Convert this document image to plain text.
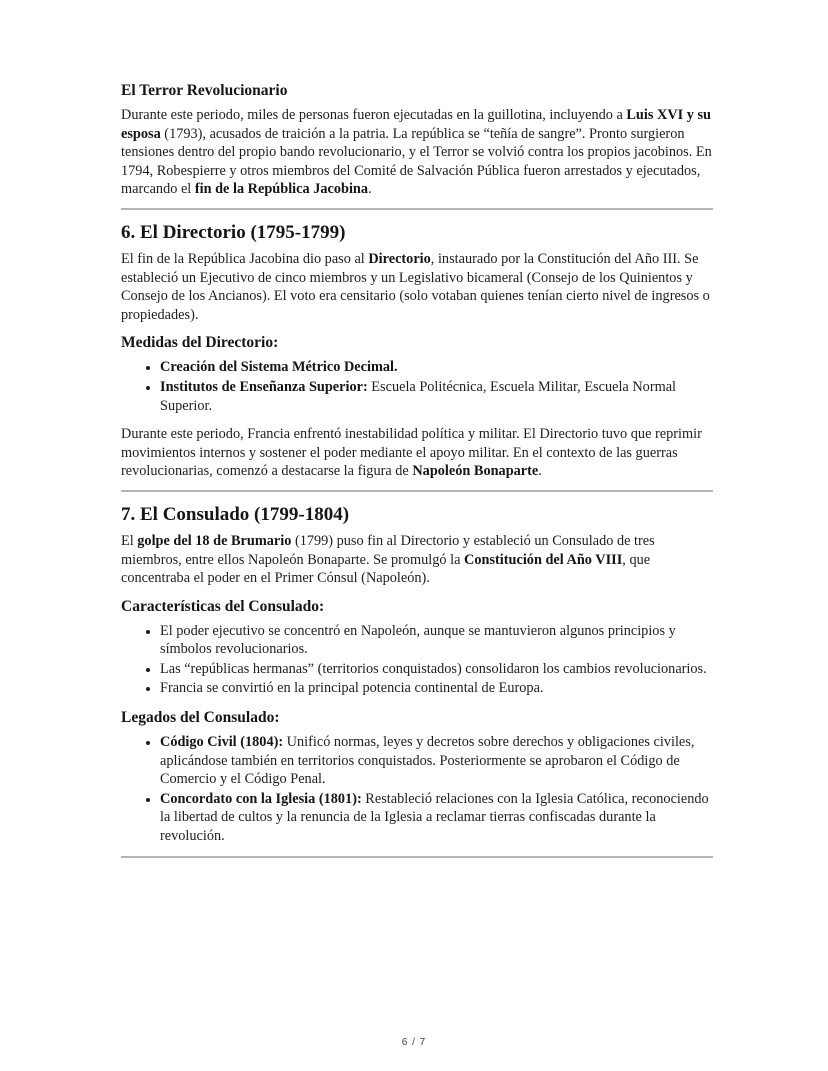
El Terror Revolucionario

Durante este periodo, miles de personas fueron ejecutadas en la guillotina, incluyendo a Luis XVI y su esposa (1793), acusados de traición a la patria. La república se “teñía de sangre”. Pronto surgieron tensiones dentro del propio bando revolucionario, y el Terror se volvió contra los propios jacobinos. En 1794, Robespierre y otros miembros del Comité de Salvación Pública fueron arrestados y ejecutados, marcando el fin de la República Jacobina.

6. El Directorio (1795-1799)

El fin de la República Jacobina dio paso al Directorio, instaurado por la Constitución del Año III. Se estableció un Ejecutivo de cinco miembros y un Legislativo bicameral (Consejo de los Quinientos y Consejo de los Ancianos). El voto era censitario (solo votaban quienes tenían cierto nivel de ingresos o propiedades).

Medidas del Directorio:
• Creación del Sistema Métrico Decimal.
• Institutos de Enseñanza Superior: Escuela Politécnica, Escuela Militar, Escuela Normal Superior.

Durante este periodo, Francia enfrentó inestabilidad política y militar. El Directorio tuvo que reprimir movimientos internos y sostener el poder mediante el apoyo militar. En el contexto de las guerras revolucionarias, comenzó a destacarse la figura de Napoleón Bonaparte.

7. El Consulado (1799-1804)

El golpe del 18 de Brumario (1799) puso fin al Directorio y estableció un Consulado de tres miembros, entre ellos Napoleón Bonaparte. Se promulgó la Constitución del Año VIII, que concentraba el poder en el Primer Cónsul (Napoleón).

Características del Consulado:
• El poder ejecutivo se concentró en Napoleón, aunque se mantuvieron algunos principios y símbolos revolucionarios.
• Las “repúblicas hermanas” (territorios conquistados) consolidaron los cambios revolucionarios.
• Francia se convirtió en la principal potencia continental de Europa.
Legados del Consulado:
• Código Civil (1804): Unificó normas, leyes y decretos sobre derechos y obligaciones civiles, aplicándose también en territorios conquistados. Posteriormente se aprobaron el Código de Comercio y el Código Penal.
• Concordato con la Iglesia (1801): Restableció relaciones con la Iglesia Católica, reconociendo la libertad de cultos y la renuncia de la Iglesia a reclamar tierras confiscadas durante la revolución.
6 / 7
